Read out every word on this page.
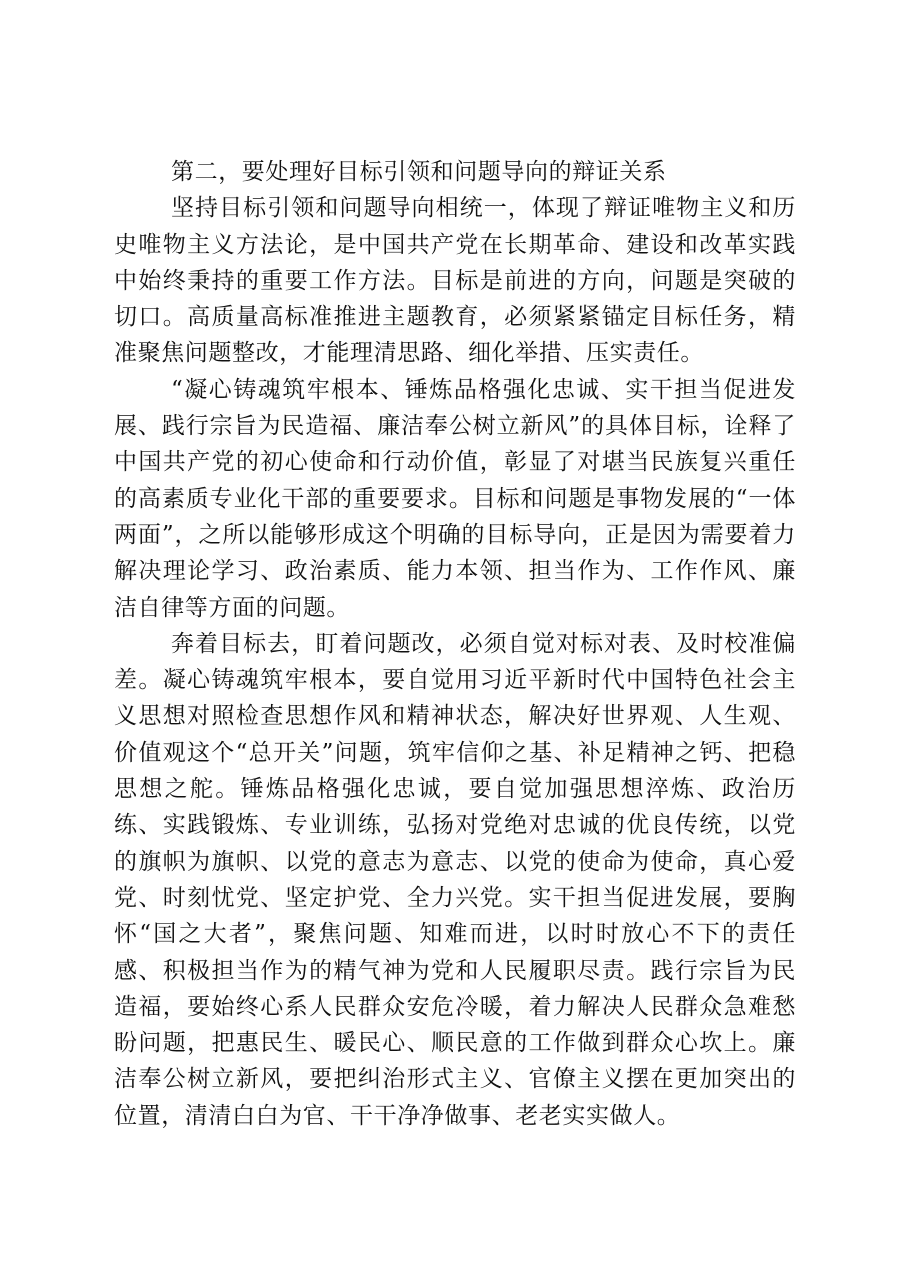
第二，要处理好目标引领和问题导向的辩证关系

坚持目标引领和问题导向相统一，体现了辩证唯物主义和历史唯物主义方法论，是中国共产党在长期革命、建设和改革实践中始终秉持的重要工作方法。目标是前进的方向，问题是突破的切口。高质量高标准推进主题教育，必须紧紧锚定目标任务，精准聚焦问题整改，才能理清思路、细化举措、压实责任。

“凝心铸魂筑牢根本、锤炼品格强化忠诚、实干担当促进发展、践行宗旨为民造福、廉洁奉公树立新风”的具体目标，诠释了中国共产党的初心使命和行动价值，彰显了对堪当民族复兴重任的高素质专业化干部的重要要求。目标和问题是事物发展的“一体两面”，之所以能够形成这个明确的目标导向，正是因为需要着力解决理论学习、政治素质、能力本领、担当作为、工作作风、廉洁自律等方面的问题。

奔着目标去，盯着问题改，必须自觉对标对表、及时校准偏差。凝心铸魂筑牢根本，要自觉用习近平新时代中国特色社会主义思想对照检查思想作风和精神状态，解决好世界观、人生观、价值观这个“总开关”问题，筑牢信仰之基、补足精神之钙、把稳思想之舵。锤炼品格强化忠诚，要自觉加强思想淬炼、政治历练、实践锻炼、专业训练，弘扬对党绝对忠诚的优良传统，以党的旗帜为旗帜、以党的意志为意志、以党的使命为使命，真心爱党、时刻忧党、坚定护党、全力兴党。实干担当促进发展，要胸怀“国之大者”，聚焦问题、知难而进，以时时放心不下的责任感、积极担当作为的精气神为党和人民履职尽责。践行宗旨为民造福，要始终心系人民群众安危冷暖，着力解决人民群众急难愁盼问题，把惠民生、暖民心、顺民意的工作做到群众心坎上。廉洁奉公树立新风，要把纠治形式主义、官僚主义摆在更加突出的位置，清清白白为官、干干净净做事、老老实实做人。
